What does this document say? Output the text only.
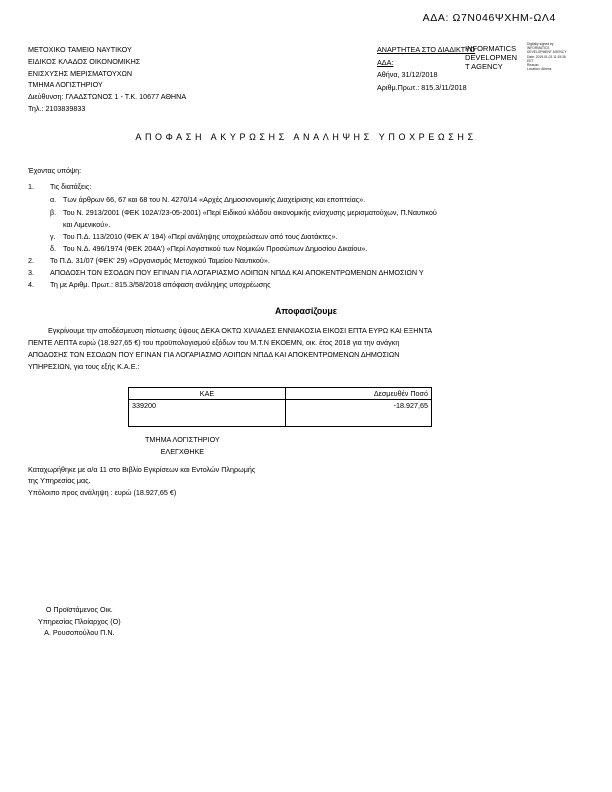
ΑΔΑ: Ω7Ν046ΨΧΗΜ-ΩΛ4
ΜΕΤΟΧΙΚΟ ΤΑΜΕΙΟ ΝΑΥΤΙΚΟΥ
ΕΙΔΙΚΟΣ ΚΛΑΔΟΣ ΟΙΚΟΝΟΜΙΚΗΣ
ΕΝΙΣΧΥΣΗΣ ΜΕΡΙΣΜΑΤΟΥΧΩΝ
ΤΜΗΜΑ ΛΟΓΙΣΤΗΡΙΟΥ
Διεύθυνση: ΓΛΑΔΣΤΩΝΟΣ 1 - Τ.Κ. 10677 ΑΘΗΝΑ
Τηλ.: 2103839833
ΑΝΑΡΤΗΤΕΑ ΣΤΟ ΔΙΑΔΙΚΤΥΟ
ΑΔΑ:
Αθήνα, 31/12/2018
Αριθμ.Πρωτ.: 815.3/11/2018
INFORMATICS
DEVELOPMEN
T AGENCY
Digitally signed by
INFORMATICS
DEVELOPMENT AGENCY
Date: 2019.01.03 11:15:36
EET
Reason:
Location: Athens
ΑΠΟΦΑΣΗ ΑΚΥΡΩΣΗΣ ΑΝΑΛΗΨΗΣ ΥΠΟΧΡΕΩΣΗΣ
Έχοντας υπόψη:
1. Τις διατάξεις:
α. Των άρθρων 66, 67 και 68 του Ν. 4270/14 «Αρχές Δημοσιονομικής Διαχείρισης και εποπτείας».
β. Του Ν. 2913/2001 (ΦΕΚ 102Α'/23-05-2001) «Περί Ειδικού κλάδου οικονομικής ενίσχυσης μερισματούχων, Π.Ναυτικού
και Λιμενικού».
γ. Του Π.Δ. 113/2010 (ΦΕΚ Α' 194) «Περί ανάληψης υποχρεώσεων από τους Διατάκτες».
δ. Του Ν.Δ. 496/1974 (ΦΕΚ 204Α') «Περί Λογιστικού των Νομικών Προσώπων Δημοσίου Δικαίου».
2. Το Π.Δ. 31/07 (ΦΕΚ' 29) «Οργανισμός Μετοχικού Ταμείου Ναυτικού».
3. ΑΠΟΔΟΣΗ ΤΩΝ ΕΣΟΔΩΝ ΠΟΥ ΕΓΙΝΑΝ ΓΙΑ ΛΟΓΑΡΙΑΣΜΟ ΛΟΙΠΩΝ ΝΠΔΔ ΚΑΙ ΑΠΟΚΕΝΤΡΩΜΕΝΩΝ ΔΗΜΟΣΙΩΝ Υ
4. Τη με Αριθμ. Πρωτ.: 815.3/58/2018 απόφαση ανάληψης υποχρέωσης
Αποφασίζουμε
Εγκρίνουμε την αποδέσμευση πίστωσης ύψους ΔΕΚΑ ΟΚΤΩ ΧΙΛΙΑΔΕΣ ΕΝΝΙΑΚΟΣΙΑ ΕΙΚΟΣΙ ΕΠΤΑ ΕΥΡΩ ΚΑΙ ΕΞΗΝΤΑ
ΠΕΝΤΕ ΛΕΠΤΑ ευρώ (18.927,65 €) του προϋπολογισμού εξόδων του Μ.Τ.Ν ΕΚΟΕΜΝ, οικ. έτος 2018 για την ανάγκη
ΑΠΟΔΟΣΗΣ ΤΩΝ ΕΣΟΔΩΝ ΠΟΥ ΕΓΙΝΑΝ ΓΙΑ ΛΟΓΑΡΙΑΣΜΟ ΛΟΙΠΩΝ ΝΠΔΔ ΚΑΙ ΑΠΟΚΕΝΤΡΩΜΕΝΩΝ ΔΗΜΟΣΙΩΝ
ΥΠΗΡΕΣΙΩΝ, για τους εξής Κ.Α.Ε.:
ΚΑΕ	Δεσμευθέν Ποσό
339200	-18.927,65
ΤΜΗΜΑ ΛΟΓΙΣΤΗΡΙΟΥ
ΕΛΕΓΧΘΗΚΕ
Καταχωρήθηκε με α/α 11 στο Βιβλίο Εγκρίσεων και Εντολών Πληρωμής
της Υπηρεσίας μας.
Υπόλοιπο προς ανάληψη : ευρώ (18.927,65 €)
Ο Προϊστάμενος Οικ.
Υπηρεσίας Πλοίαρχος (Ο)
Α. Ρουσοπούλου Π.Ν.
